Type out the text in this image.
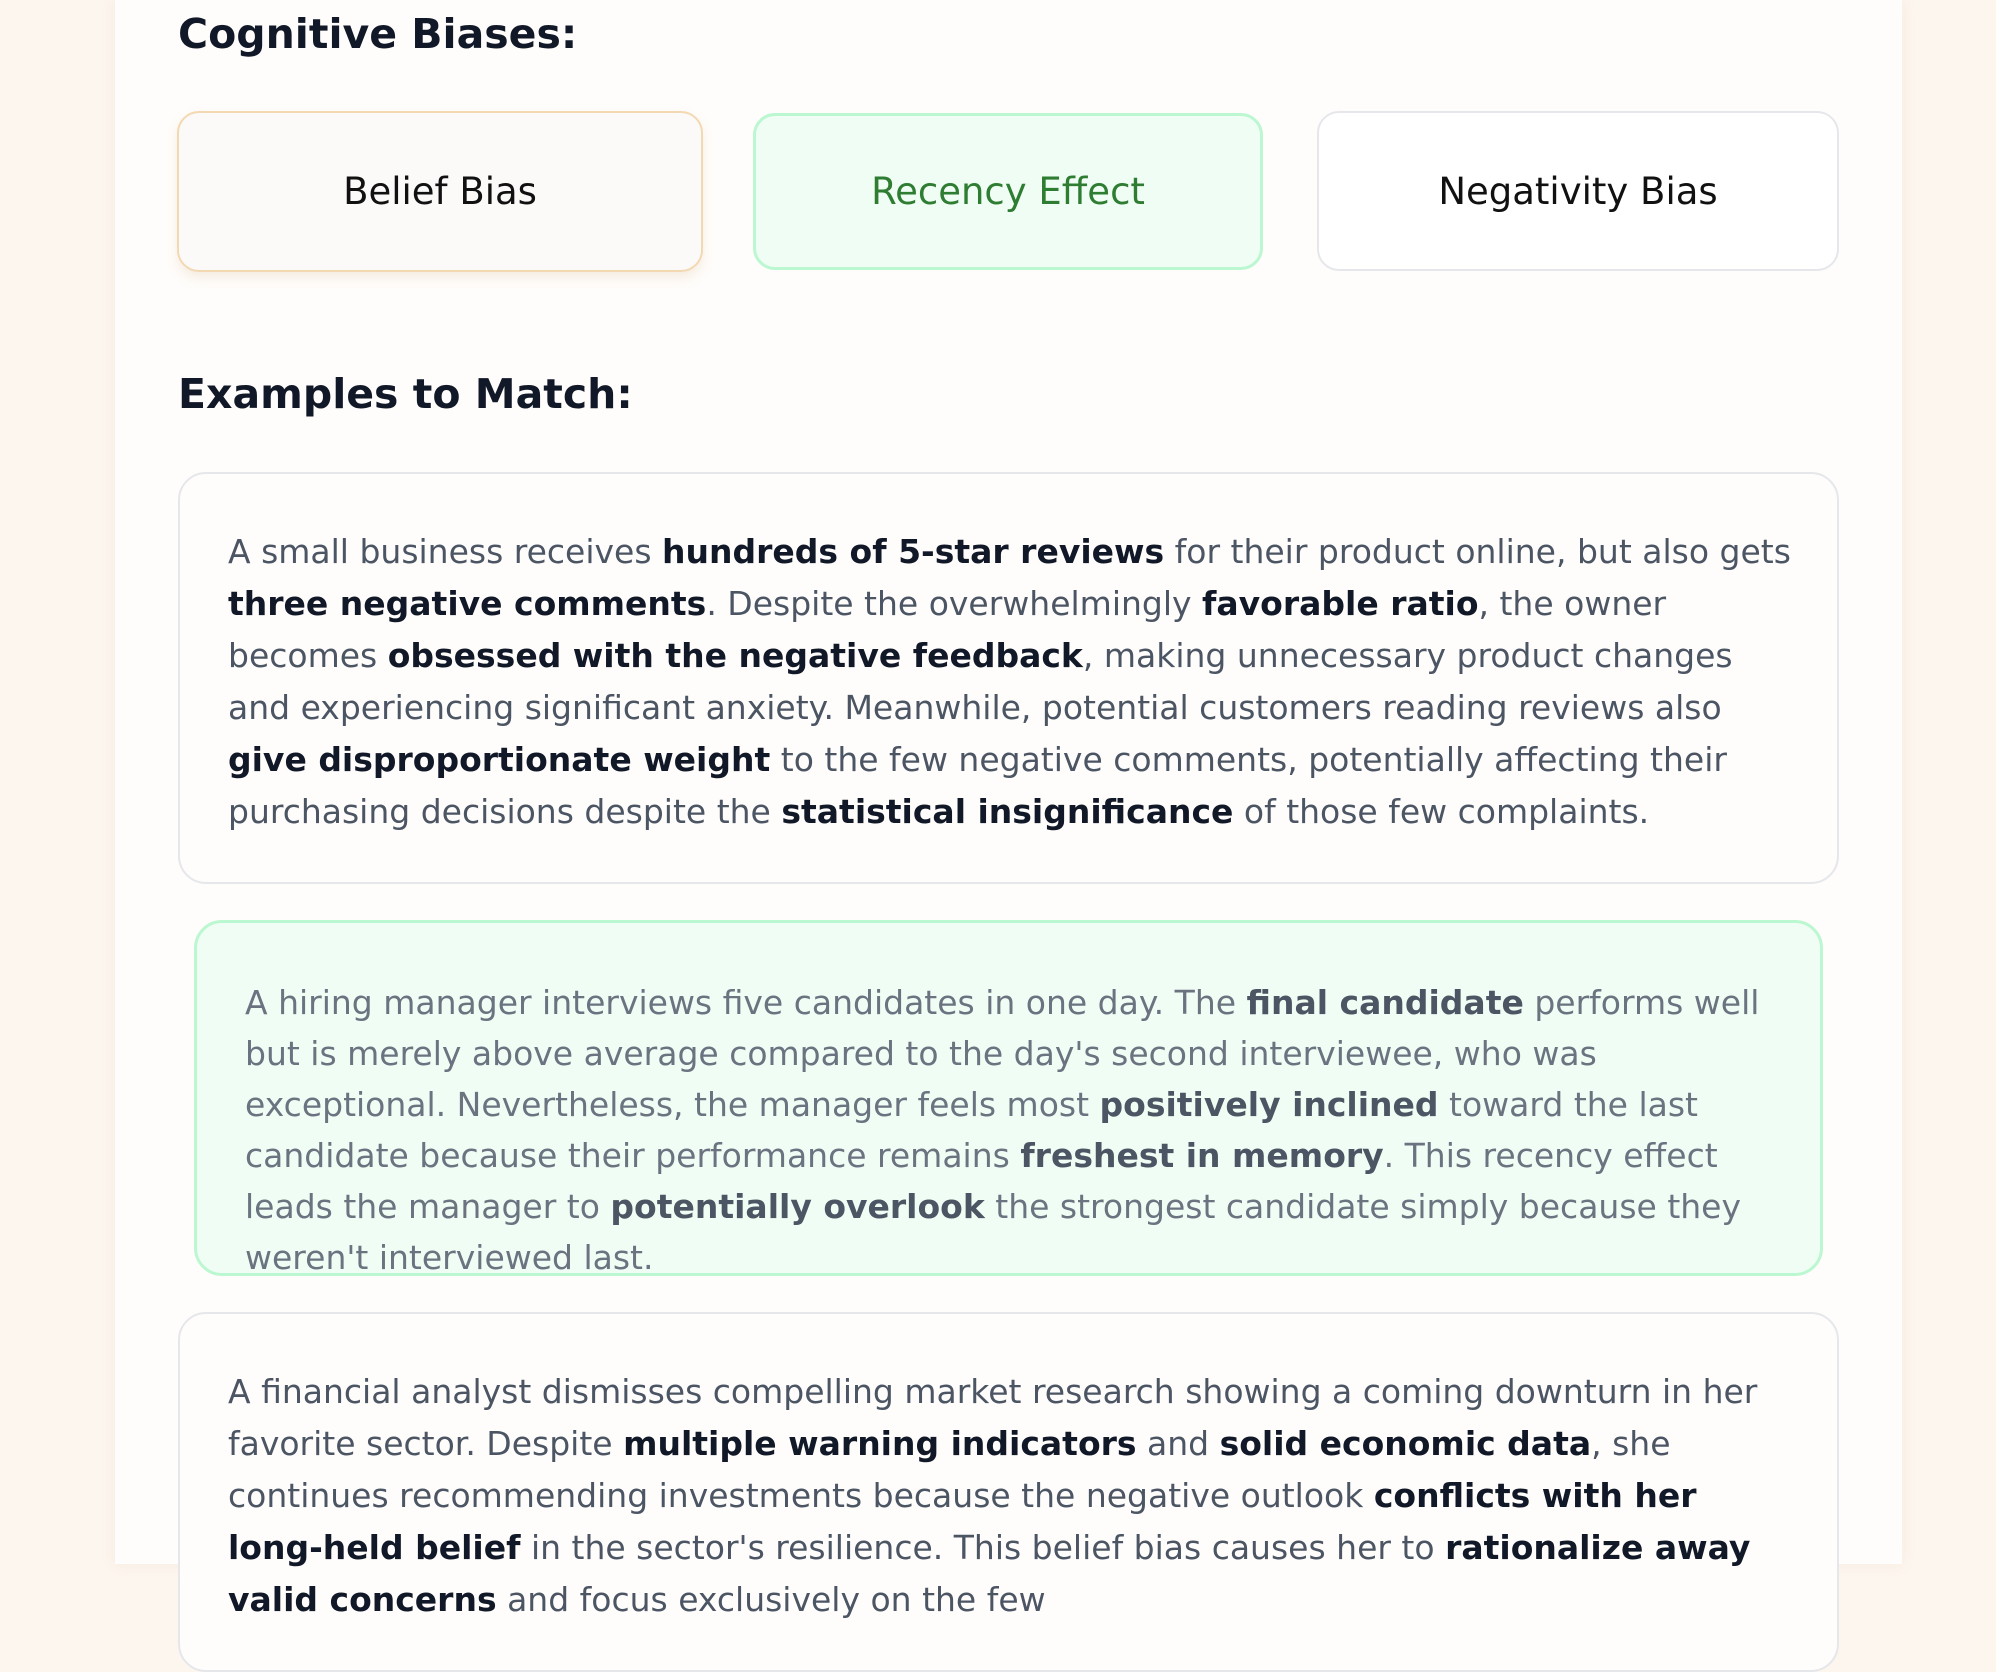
Cognitive Biases:
Belief Bias	Recency Effect	Negativity Bias
Examples to Match:

A small business receives hundreds of 5-star reviews for their product online, but also gets three negative comments. Despite the overwhelmingly favorable ratio, the owner becomes obsessed with the negative feedback, making unnecessary product changes and experiencing significant anxiety. Meanwhile, potential customers reading reviews also give disproportionate weight to the few negative comments, potentially affecting their purchasing decisions despite the statistical insignificance of those few complaints.

A hiring manager interviews five candidates in one day. The final candidate performs well but is merely above average compared to the day's second interviewee, who was exceptional. Nevertheless, the manager feels most positively inclined toward the last candidate because their performance remains freshest in memory. This recency effect leads the manager to potentially overlook the strongest candidate simply because they weren't interviewed last.

A financial analyst dismisses compelling market research showing a coming downturn in her favorite sector. Despite multiple warning indicators and solid economic data, she continues recommending investments because the negative outlook conflicts with her long-held belief in the sector's resilience. This belief bias causes her to rationalize away valid concerns and focus exclusively on the few
